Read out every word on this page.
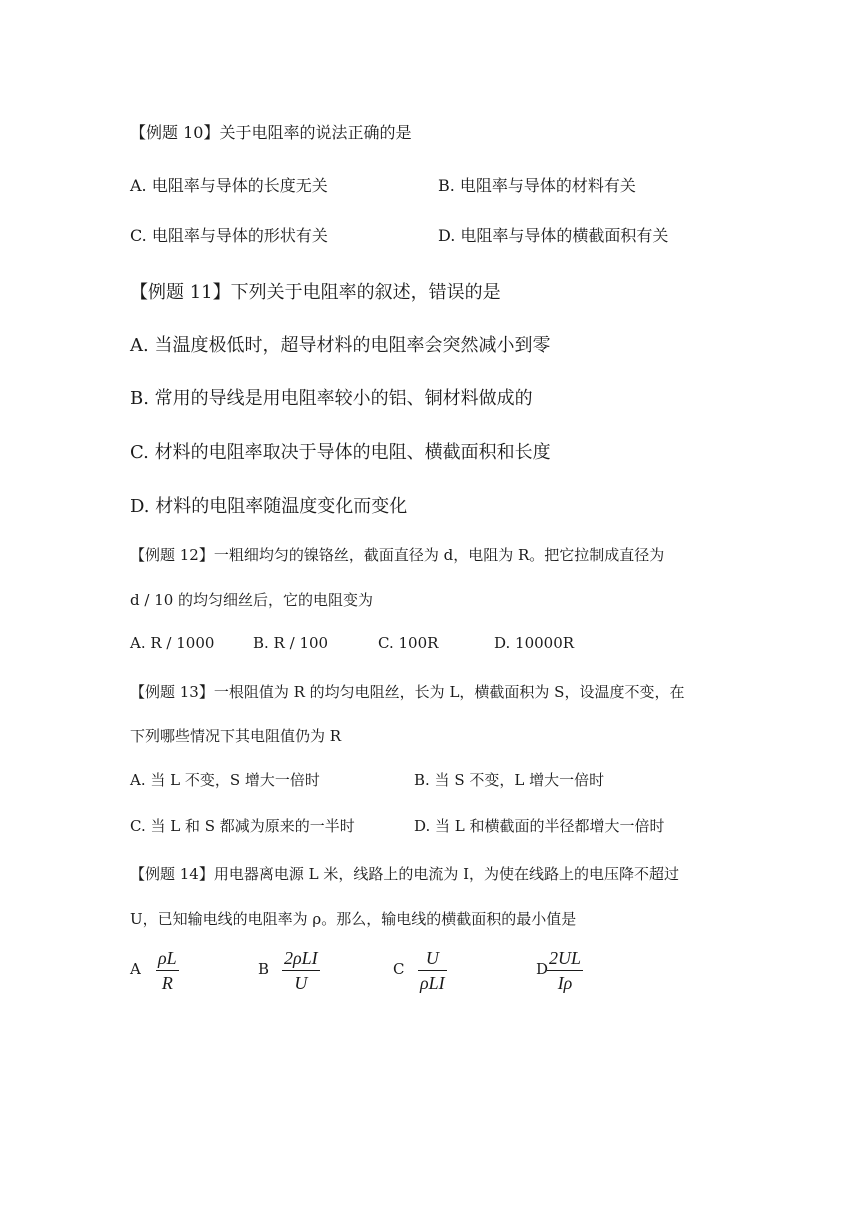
【例题 10】关于电阻率的说法正确的是
A. 电阻率与导体的长度无关	B. 电阻率与导体的材料有关
C. 电阻率与导体的形状有关	D. 电阻率与导体的横截面积有关
【例题 11】下列关于电阻率的叙述，错误的是
A. 当温度极低时，超导材料的电阻率会突然减小到零
B. 常用的导线是用电阻率较小的铝、铜材料做成的
C. 材料的电阻率取决于导体的电阻、横截面积和长度
D. 材料的电阻率随温度变化而变化
【例题 12】一粗细均匀的镍铬丝，截面直径为 d，电阻为 R。把它拉制成直径为
d / 10 的均匀细丝后，它的电阻变为
A. R / 1000	B. R / 100	C. 100R	D. 10000R
【例题 13】一根阻值为 R 的均匀电阻丝，长为 L，横截面积为 S，设温度不变，在
下列哪些情况下其电阻值仍为 R
A. 当 L 不变，S 增大一倍时	B. 当 S 不变，L 增大一倍时
C. 当 L 和 S 都减为原来的一半时	D. 当 L 和横截面的半径都增大一倍时
【例题 14】用电器离电源 L 米，线路上的电流为 I，为使在线路上的电压降不超过
U，已知输电线的电阻率为 ρ。那么，输电线的横截面积的最小值是
A
ρL
R
B
2ρLI
U
C
U
ρLI
D
2UL
Iρ
